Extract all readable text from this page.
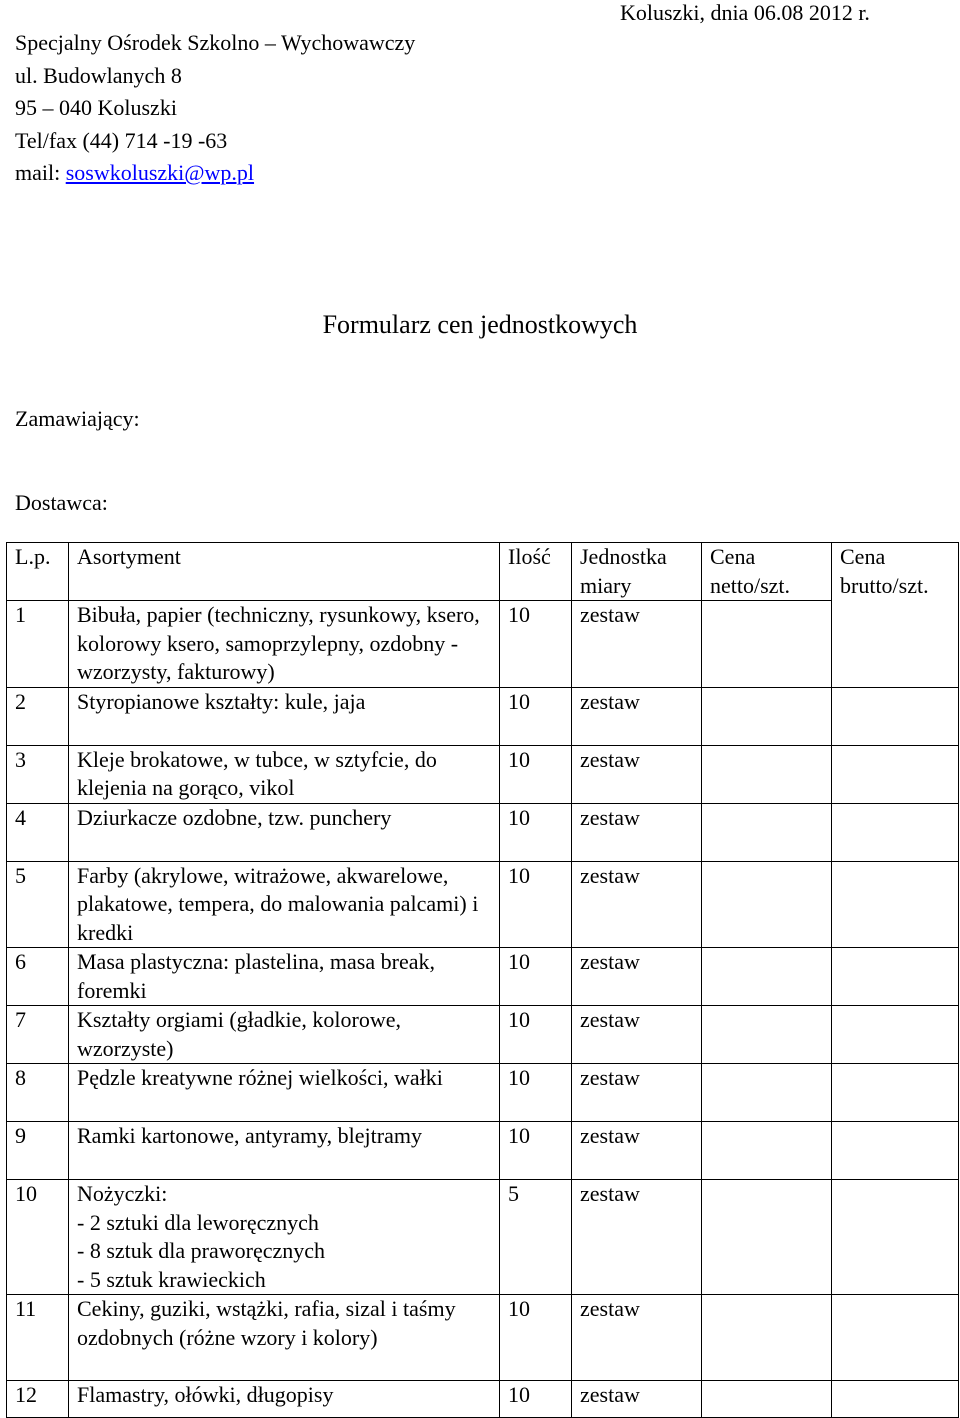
Specjalny Ośrodek Szkolno – Wychowawczy
ul. Budowlanych 8
95 – 040 Koluszki
Tel/fax (44) 714 -19 -63
mail: soswkoluszki@wp.pl
Koluszki, dnia 06.08 2012 r.
Formularz cen jednostkowych
Zamawiający:
Dostawca:
L.p.	Asortyment	Ilość	Jednostka miary	Cena netto/szt.	Cena brutto/szt.
1	Bibuła, papier (techniczny, rysunkowy, ksero, kolorowy ksero, samoprzylepny, ozdobny -wzorzysty, fakturowy)	10	zestaw		
2	Styropianowe kształty: kule, jaja	10	zestaw		
3	Kleje brokatowe, w tubce, w sztyfcie, do klejenia na gorąco, vikol	10	zestaw		
4	Dziurkacze ozdobne, tzw. punchery	10	zestaw		
5	Farby (akrylowe, witrażowe, akwarelowe, plakatowe, tempera, do malowania palcami) i kredki	10	zestaw		
6	Masa plastyczna: plastelina, masa break, foremki	10	zestaw		
7	Kształty orgiami (gładkie, kolorowe, wzorzyste)	10	zestaw		
8	Pędzle kreatywne różnej wielkości, wałki	10	zestaw		
9	Ramki kartonowe, antyramy, blejtramy	10	zestaw		
10	Nożyczki:
- 2 sztuki dla leworęcznych
- 8 sztuk dla praworęcznych
- 5 sztuk krawieckich	5	zestaw		
11	Cekiny, guziki, wstążki, rafia, sizal i taśmy ozdobnych (różne wzory i kolory)	10	zestaw		
12	Flamastry, ołówki, długopisy	10	zestaw		
